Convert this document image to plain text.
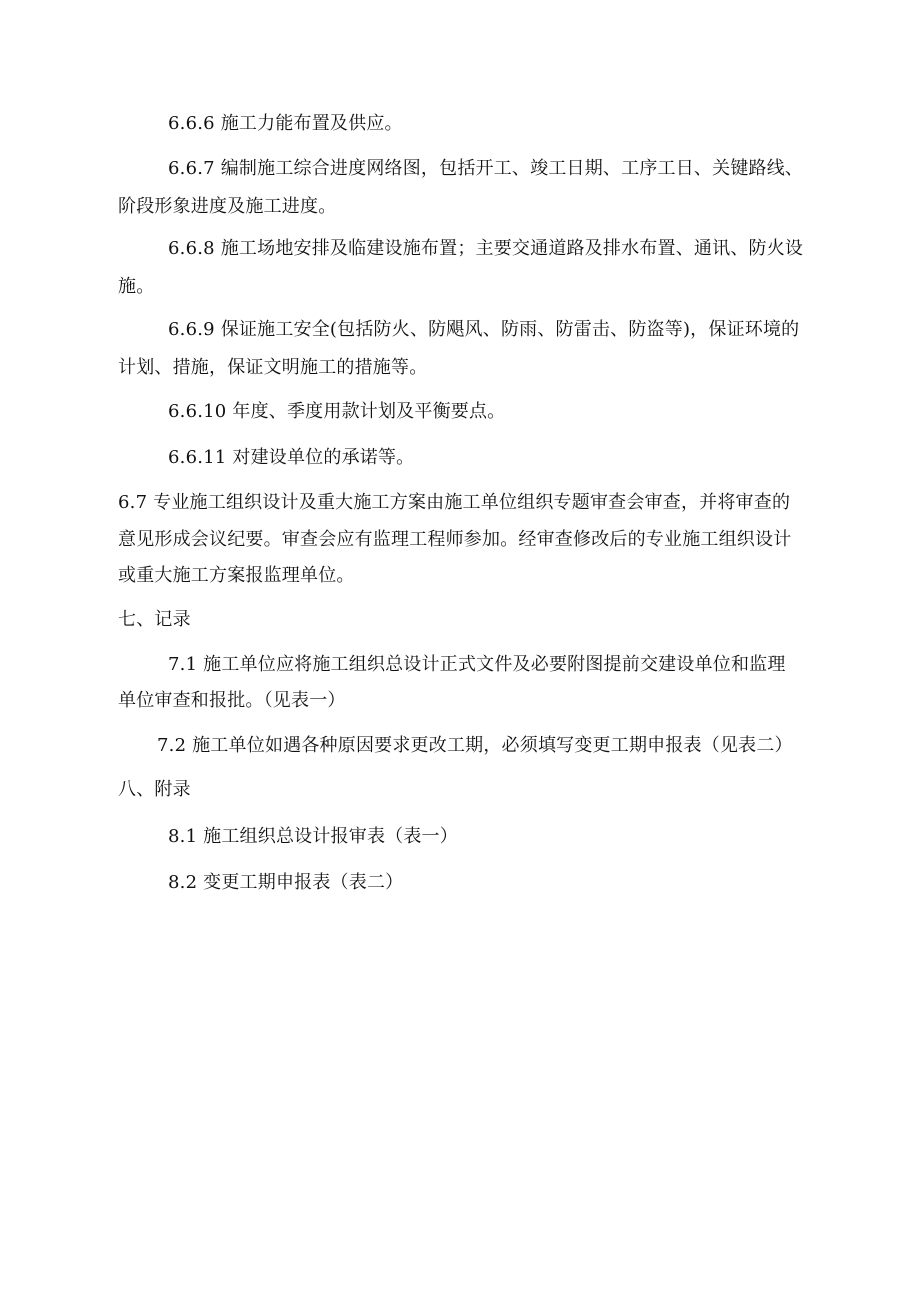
6.6.6 施工力能布置及供应。
6.6.7 编制施工综合进度网络图，包括开工、竣工日期、工序工日、关键路线、
阶段形象进度及施工进度。
6.6.8 施工场地安排及临建设施布置；主要交通道路及排水布置、通讯、防火设
施。
6.6.9 保证施工安全(包括防火、防飓风、防雨、防雷击、防盗等)，保证环境的
计划、措施，保证文明施工的措施等。
6.6.10 年度、季度用款计划及平衡要点。
6.6.11 对建设单位的承诺等。
6.7 专业施工组织设计及重大施工方案由施工单位组织专题审查会审查，并将审查的
意见形成会议纪要。审查会应有监理工程师参加。经审查修改后的专业施工组织设计
或重大施工方案报监理单位。
七、记录
7.1 施工单位应将施工组织总设计正式文件及必要附图提前交建设单位和监理
单位审查和报批。（见表一）
7.2 施工单位如遇各种原因要求更改工期，必须填写变更工期申报表（见表二）
八、附录
8.1 施工组织总设计报审表（表一）
8.2 变更工期申报表（表二）
